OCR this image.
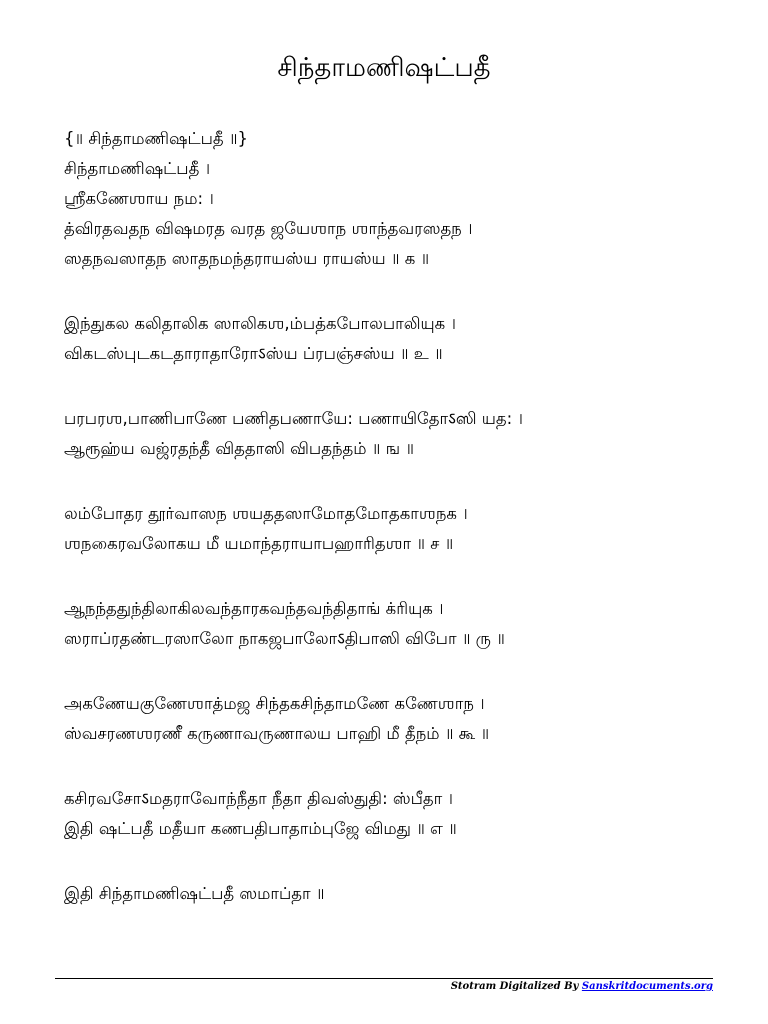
சிந்தாமணிஷட்பதீ
{॥ சிந்தாமணிஷட்பதீ ॥}
சிந்தாமணிஷட்பதீ ।
ஶ்ரீகணேஶாய நம꞉ ।
த்விரதவதந விஷமரத வரத ஜயேஶாந ஶாந்தவரஸதந ।
ஸதநவஸாதந ஸாதநமந்தராயஸ்ய ராயஸ்ய ॥ க ॥
இந்துகல கலிதாலிக ஸாலிகஶ,ம்பத்கபோலபாலியுக ।
விகடஸ்புடகடதாராதாரோऽஸ்ய ப்ரபஞ்சஸ்ய ॥ உ ॥
பரபரஶ,பாணிபாணே பணிதபணாயே꞉ பணாயிதோऽஸி யத꞉ ।
ஆரூஹ்ய வஜ்ரதந்தீ விததாஸி விபதந்தம் ॥ ங ॥
லம்போதர தூர்வாஸந ஶயததஸாமோதமோதகாஶநக ।
ஶநகைரவலோகய மீ யமாந்தராயாபஹாரிதஶா ॥ ச ॥
ஆநந்ததுந்திலாகிலவந்தாரகவந்தவந்திதாங் க்ரியுக ।
ஸராப்ரதண்டரஸாலோ நாகஜபாலோऽதிபாஸி விபோ ॥ ரு ॥
அகணேயகுணேஶாத்மஜ சிந்தகசிந்தாமணே கணேஶாந ।
ஸ்வசரணஶரணீ கருணாவருணாலய பாஹி மீ தீநம் ॥ கூ ॥
கசிரவசோऽமதராவோந்நீதா நீதா திவஸ்துதி꞉ ஸ்பீதா ।
இதி ஷட்பதீ மதீயா கணபதிபாதாம்புஜே விமது ॥ எ ॥
இதி சிந்தாமணிஷட்பதீ ஸமாப்தா ॥
Stotram Digitalized By Sanskritdocuments.org
